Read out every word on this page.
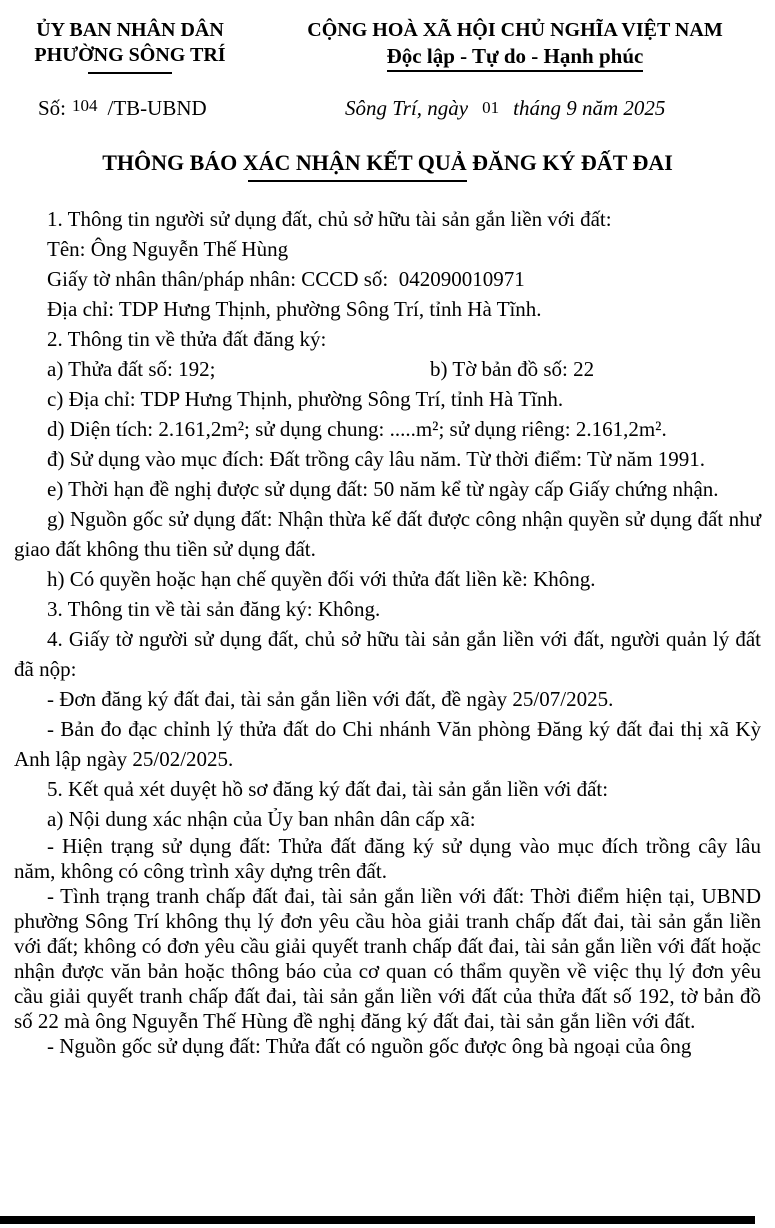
ỦY BAN NHÂN DÂN
PHƯỜNG SÔNG TRÍ
CỘNG HOÀ XÃ HỘI CHỦ NGHĨA VIỆT NAM
Độc lập - Tự do - Hạnh phúc
Số: 104 /TB-UBND	Sông Trí, ngày 01 tháng 9 năm 2025
THÔNG BÁO XÁC NHẬN KẾT QUẢ ĐĂNG KÝ ĐẤT ĐAI

1. Thông tin người sử dụng đất, chủ sở hữu tài sản gắn liền với đất:

Tên: Ông Nguyễn Thế Hùng

Giấy tờ nhân thân/pháp nhân: CCCD số:  042090010971

Địa chỉ: TDP Hưng Thịnh, phường Sông Trí, tỉnh Hà Tĩnh.

2. Thông tin về thửa đất đăng ký:

a) Thửa đất số: 192;	b) Tờ bản đồ số: 22

c) Địa chỉ: TDP Hưng Thịnh, phường Sông Trí, tỉnh Hà Tĩnh.

d) Diện tích: 2.161,2m²; sử dụng chung: .....m²; sử dụng riêng: 2.161,2m².

đ) Sử dụng vào mục đích: Đất trồng cây lâu năm. Từ thời điểm: Từ năm 1991.

e) Thời hạn đề nghị được sử dụng đất: 50 năm kể từ ngày cấp Giấy chứng nhận.

g) Nguồn gốc sử dụng đất: Nhận thừa kế đất được công nhận quyền sử dụng đất như giao đất không thu tiền sử dụng đất.

h) Có quyền hoặc hạn chế quyền đối với thửa đất liền kề: Không.

3. Thông tin về tài sản đăng ký: Không.

4. Giấy tờ người sử dụng đất, chủ sở hữu tài sản gắn liền với đất, người quản lý đất đã nộp:

- Đơn đăng ký đất đai, tài sản gắn liền với đất, đề ngày 25/07/2025.

- Bản đo đạc chỉnh lý thửa đất do Chi nhánh Văn phòng Đăng ký đất đai thị xã Kỳ Anh lập ngày 25/02/2025.

5. Kết quả xét duyệt hồ sơ đăng ký đất đai, tài sản gắn liền với đất:

a) Nội dung xác nhận của Ủy ban nhân dân cấp xã:

- Hiện trạng sử dụng đất: Thửa đất đăng ký sử dụng vào mục đích trồng cây lâu năm, không có công trình xây dựng trên đất.

- Tình trạng tranh chấp đất đai, tài sản gắn liền với đất: Thời điểm hiện tại, UBND phường Sông Trí không thụ lý đơn yêu cầu hòa giải tranh chấp đất đai, tài sản gắn liền với đất; không có đơn yêu cầu giải quyết tranh chấp đất đai, tài sản gắn liền với đất hoặc nhận được văn bản hoặc thông báo của cơ quan có thẩm quyền về việc thụ lý đơn yêu cầu giải quyết tranh chấp đất đai, tài sản gắn liền với đất của thửa đất số 192, tờ bản đồ số 22 mà ông Nguyễn Thế Hùng đề nghị đăng ký đất đai, tài sản gắn liền với đất.

- Nguồn gốc sử dụng đất: Thửa đất có nguồn gốc được ông bà ngoại của ông
